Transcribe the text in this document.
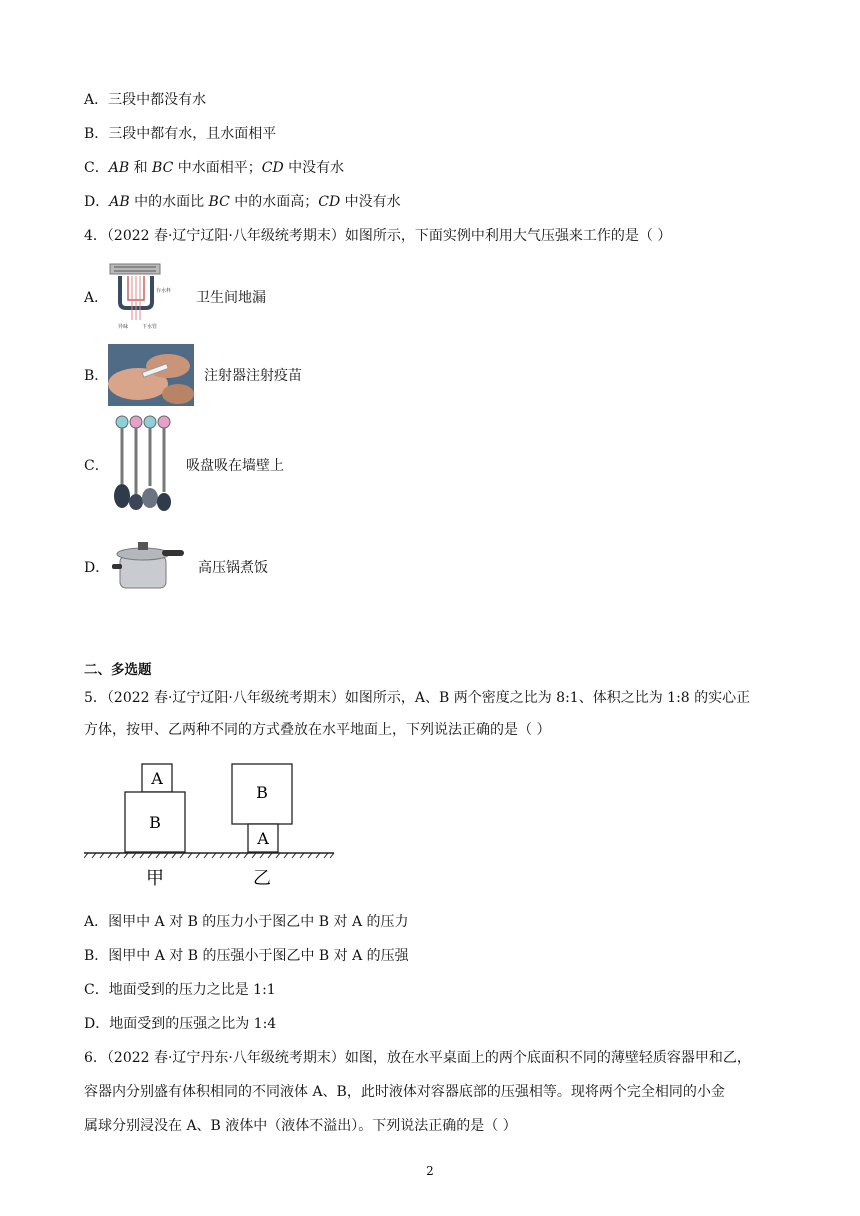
A．三段中都没有水
B．三段中都有水，且水面相平
C．AB 和 BC 中水面相平；CD 中没有水
D．AB 中的水面比 BC 中的水面高；CD 中没有水
4．（2022 春·辽宁辽阳·八年级统考期末）如图所示，下面实例中利用大气压强来工作的是（ ）
A．	存水杯
异味	下水管
卫生间地漏
B．	注射器注射疫苗
C．	吸盘吸在墙壁上
D．	高压锅煮饭
二、多选题
5．（2022 春·辽宁辽阳·八年级统考期末）如图所示，A、B 两个密度之比为 8:1、体积之比为 1:8 的实心正
方体，按甲、乙两种不同的方式叠放在水平地面上，下列说法正确的是（ ）
A
B
B
A
甲	乙
A．图甲中 A 对 B 的压力小于图乙中 B 对 A 的压力
B．图甲中 A 对 B 的压强小于图乙中 B 对 A 的压强
C．地面受到的压力之比是 1:1
D．地面受到的压强之比为 1:4
6．（2022 春·辽宁丹东·八年级统考期末）如图，放在水平桌面上的两个底面积不同的薄壁轻质容器甲和乙，
容器内分别盛有体积相同的不同液体 A、B，此时液体对容器底部的压强相等。现将两个完全相同的小金
属球分别浸没在 A、B 液体中（液体不溢出）。下列说法正确的是（ ）
2
